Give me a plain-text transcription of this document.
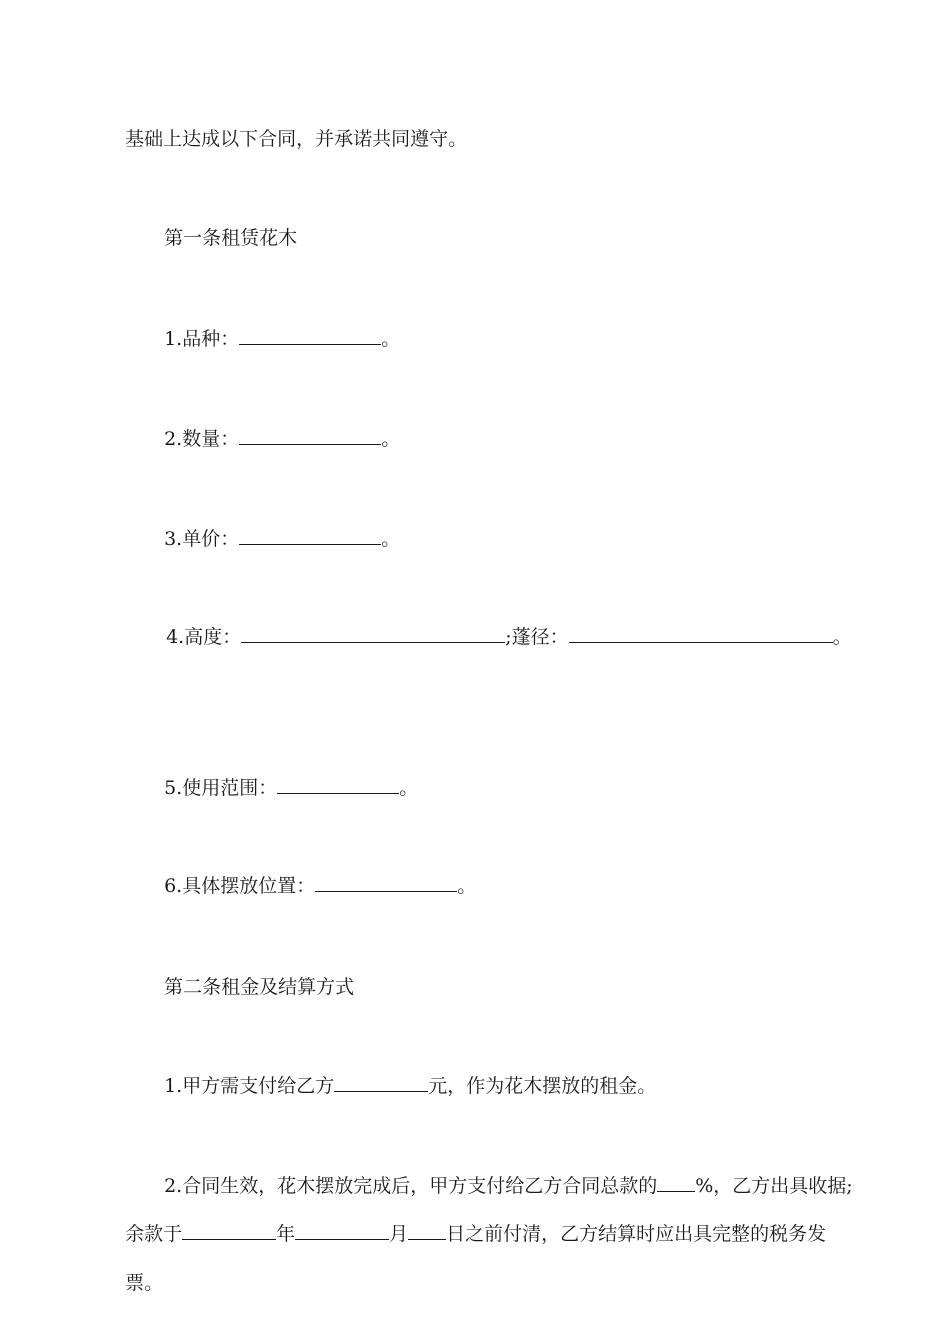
基础上达成以下合同，并承诺共同遵守。

第一条租赁花木

1.品种：	。

2.数量：	。

3.单价：	。

4.高度：	;蓬径：	。

5.使用范围：	。

6.具体摆放位置：	。

第二条租金及结算方式

1.甲方需支付给乙方	元，作为花木摆放的租金。

2.合同生效，花木摆放完成后，甲方支付给乙方合同总款的 %，乙方出具收据;

余款于	年	月 日之前付清，乙方结算时应出具完整的税务发

票。
